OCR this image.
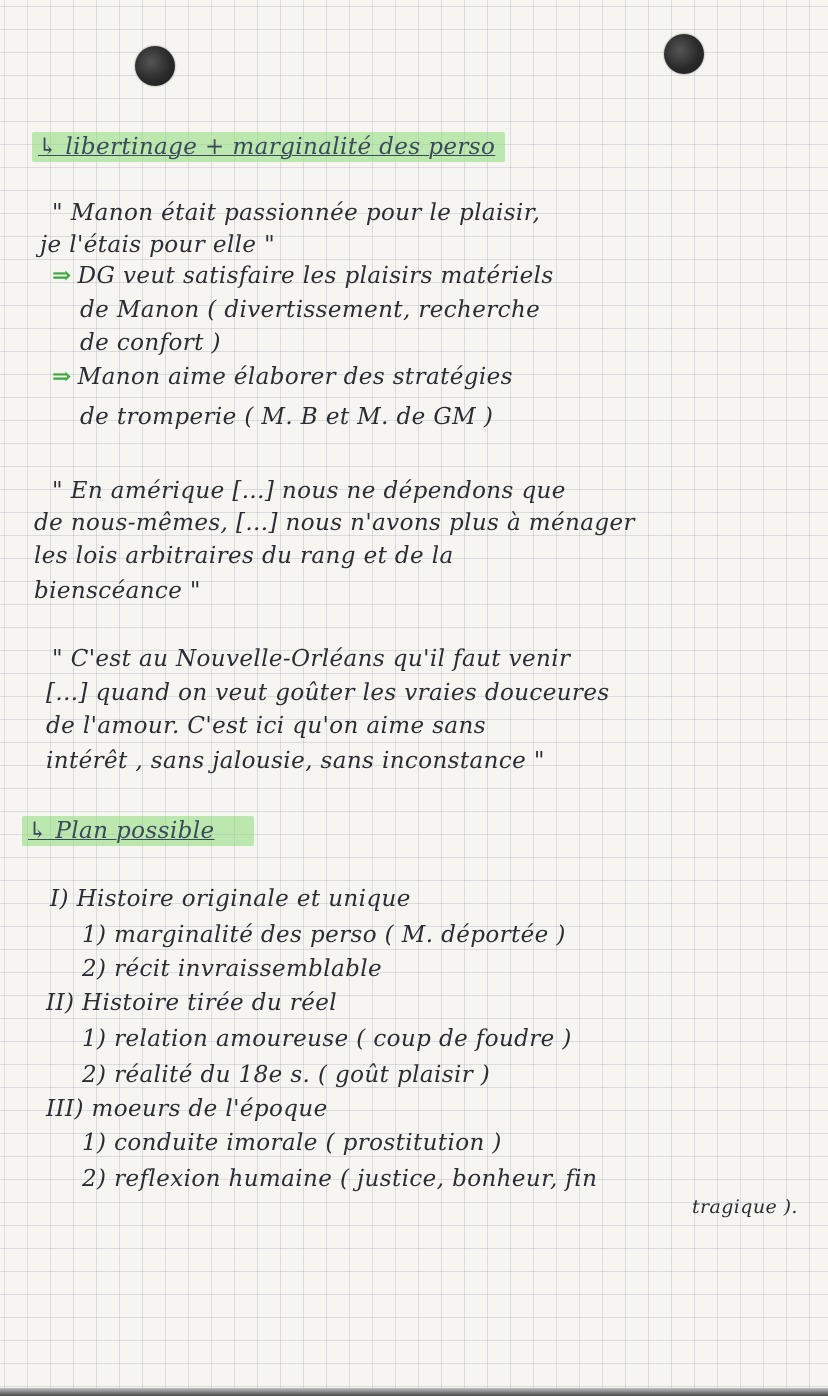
↳ libertinage + marginalité des perso
" Manon était passionnée pour le plaisir,
je l'étais pour elle "
⇒ DG veut satisfaire les plaisirs matériels
de Manon ( divertissement, recherche
de confort )
⇒ Manon aime élaborer des stratégies
de tromperie ( M. B et M. de GM )
" En amérique [...] nous ne dépendons que
de nous-mêmes, [...] nous n'avons plus à ménager
les lois arbitraires du rang et de la
bienscéance "
" C'est au Nouvelle-Orléans qu'il faut venir
[...] quand on veut goûter les vraies douceures
de l'amour. C'est ici qu'on aime sans
intérêt , sans jalousie, sans inconstance "
↳ Plan possible
I) Histoire originale et unique
1) marginalité des perso ( M. déportée )
2) récit invraissemblable
II) Histoire tirée du réel
1) relation amoureuse ( coup de foudre )
2) réalité du 18e s. ( goût plaisir )
III) moeurs de l'époque
1) conduite imorale ( prostitution )
2) reflexion humaine ( justice, bonheur, fin
tragique ).
